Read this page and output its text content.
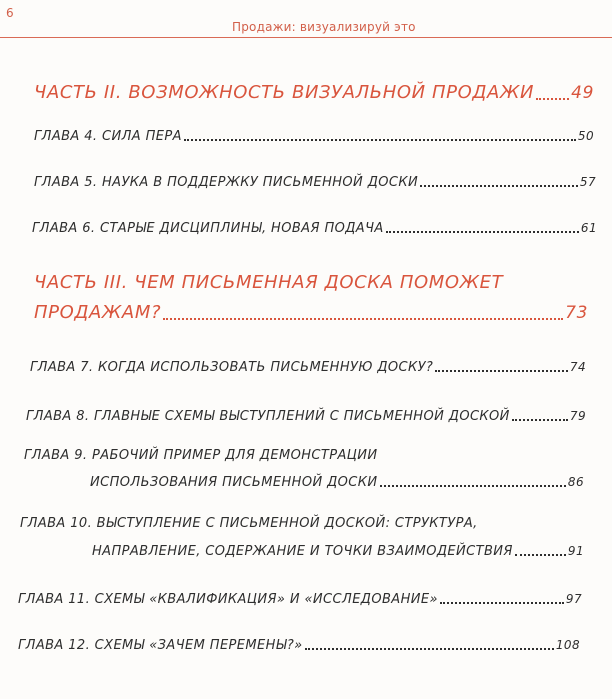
6
Продажи: визуализируй это
ЧАСТЬ II. ВОЗМОЖНОСТЬ ВИЗУАЛЬНОЙ ПРОДАЖИ 49
ГЛАВА 4. СИЛА ПЕРА	50
ГЛАВА 5. НАУКА В ПОДДЕРЖКУ ПИСЬМЕННОЙ ДОСКИ	57
ГЛАВА 6. СТАРЫЕ ДИСЦИПЛИНЫ, НОВАЯ ПОДАЧА	61
ЧАСТЬ III. ЧЕМ ПИСЬМЕННАЯ ДОСКА ПОМОЖЕТ
ПРОДАЖАМ?	73
ГЛАВА 7. КОГДА ИСПОЛЬЗОВАТЬ ПИСЬМЕННУЮ ДОСКУ?	74
ГЛАВА 8. ГЛАВНЫЕ СХЕМЫ ВЫСТУПЛЕНИЙ С ПИСЬМЕННОЙ ДОСКОЙ	79
ГЛАВА 9. РАБОЧИЙ ПРИМЕР ДЛЯ ДЕМОНСТРАЦИИ
ИСПОЛЬЗОВАНИЯ ПИСЬМЕННОЙ ДОСКИ	86
ГЛАВА 10. ВЫСТУПЛЕНИЕ С ПИСЬМЕННОЙ ДОСКОЙ: СТРУКТУРА,
НАПРАВЛЕНИЕ, СОДЕРЖАНИЕ И ТОЧКИ ВЗАИМОДЕЙСТВИЯ	91
ГЛАВА 11. СХЕМЫ «КВАЛИФИКАЦИЯ» И «ИССЛЕДОВАНИЕ»	97
ГЛАВА 12. СХЕМЫ «ЗАЧЕМ ПЕРЕМЕНЫ?»	108
